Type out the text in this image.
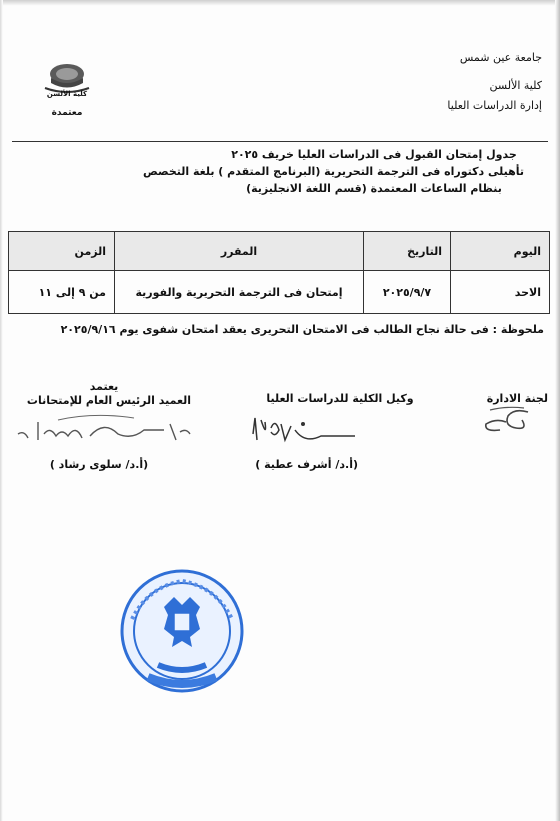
جامعة عين شمس
كلية الألسن
إدارة الدراسات العليا
كلية الألسن
معتمدة
جدول إمتحان القبول فى الدراسات العليا خريف ٢٠٢٥
تأهيلى دكتوراه فى الترجمة التحريرية (البرنامج المتقدم ) بلغة التخصص
بنظام الساعات المعتمدة (قسم اللغة الانجليزية)
اليوم	التاريخ	المقرر	الزمن
الاحد	٢٠٢٥/٩/٧	إمتحان فى الترجمة التحريرية والفورية	من ٩ إلى ١١
ملحوظة : فى حالة نجاح الطالب فى الامتحان التحريرى يعقد امتحان شفوى يوم ٢٠٢٥/٩/١٦
لجنة الادارة
وكيل الكلية للدراسات العليا
(أ.د/ أشرف عطية )
يعتمد
العميد الرئيس العام للإمتحانات
(أ.د/ سلوى رشاد )
